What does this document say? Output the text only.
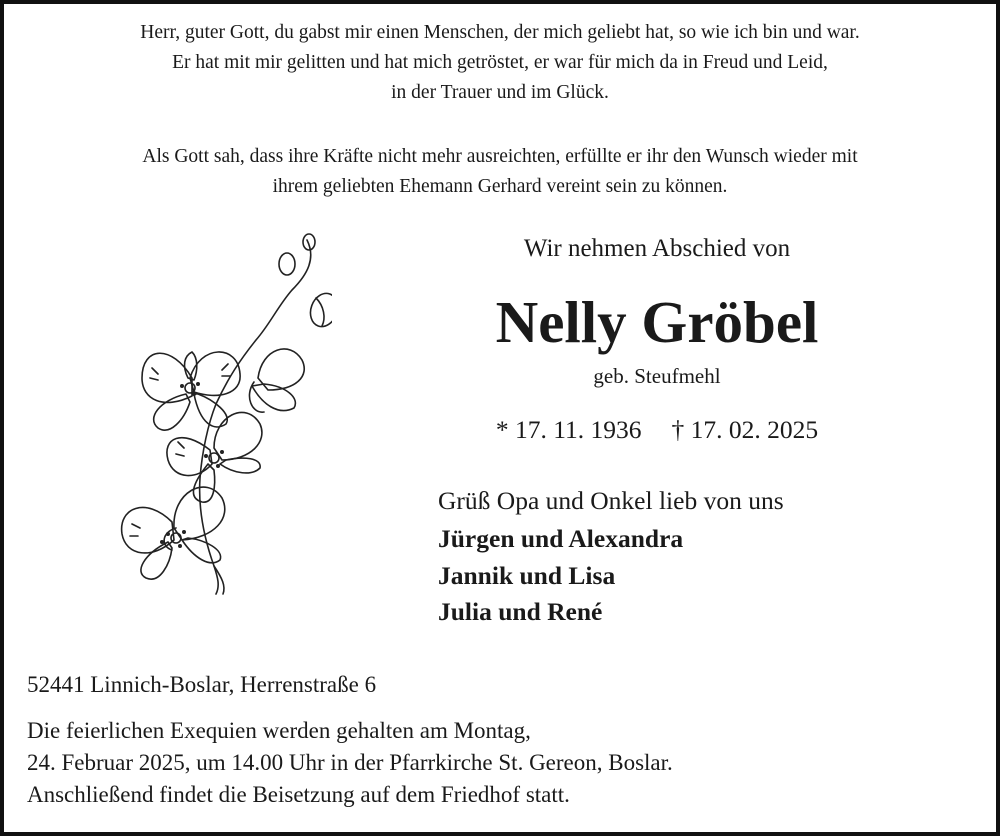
Herr, guter Gott, du gabst mir einen Menschen, der mich geliebt hat, so wie ich bin und war.
Er hat mit mir gelitten und hat mich getröstet, er war für mich da in Freud und Leid,
in der Trauer und im Glück.

Als Gott sah, dass ihre Kräfte nicht mehr ausreichten, erfüllte er ihr den Wunsch wieder mit
ihrem geliebten Ehemann Gerhard vereint sein zu können.

Wir nehmen Abschied von

Nelly Gröbel

geb. Steufmehl

* 17. 11. 1936 † 17. 02. 2025

Grüß Opa und Onkel lieb von uns

Jürgen und Alexandra

Jannik und Lisa

Julia und René

52441 Linnich-Boslar, Herrenstraße 6

Die feierlichen Exequien werden gehalten am Montag,
24. Februar 2025, um 14.00 Uhr in der Pfarrkirche St. Gereon, Boslar.
Anschließend findet die Beisetzung auf dem Friedhof statt.
